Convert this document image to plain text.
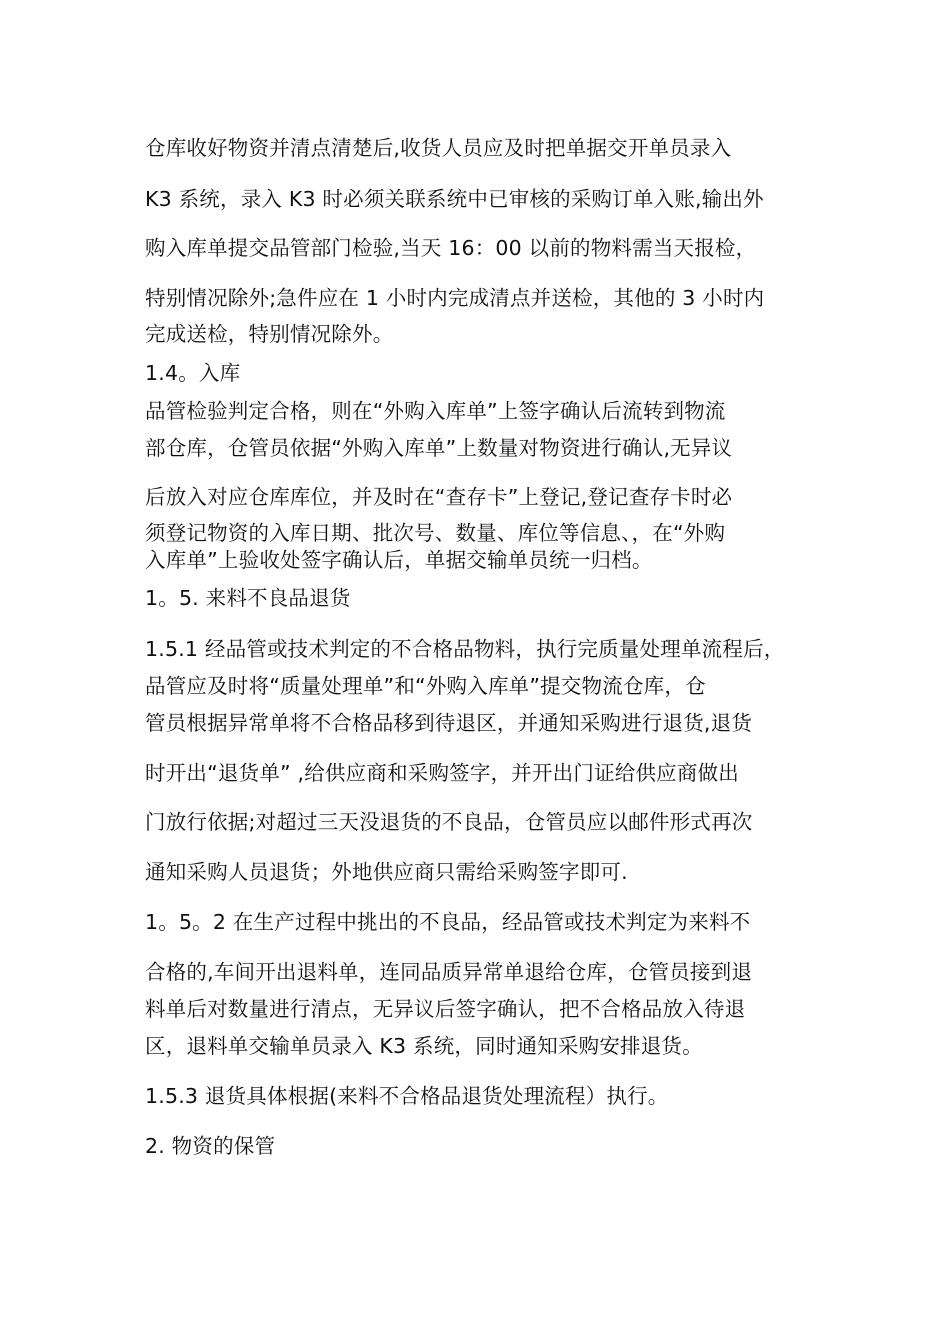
仓库收好物资并清点清楚后,收货人员应及时把单据交开单员录入
K3 系统，录入 K3 时必须关联系统中已审核的采购订单入账,输出外
购入库单提交品管部门检验,当天 16：00 以前的物料需当天报检，
特别情况除外;急件应在 1 小时内完成清点并送检，其他的 3 小时内
完成送检，特别情况除外。
1.4。入库
品管检验判定合格，则在“外购入库单”上签字确认后流转到物流
部仓库，仓管员依据“外购入库单”上数量对物资进行确认,无异议
后放入对应仓库库位，并及时在“查存卡”上登记,登记查存卡时必
须登记物资的入库日期、批次号、数量、库位等信息、，在“外购
入库单”上验收处签字确认后，单据交输单员统一归档。
1。5. 来料不良品退货
1.5.1 经品管或技术判定的不合格品物料，执行完质量处理单流程后，
品管应及时将“质量处理单”和“外购入库单”提交物流仓库，仓
管员根据异常单将不合格品移到待退区，并通知采购进行退货,退货
时开出“退货单” ,给供应商和采购签字，并开出门证给供应商做出
门放行依据;对超过三天没退货的不良品，仓管员应以邮件形式再次
通知采购人员退货；外地供应商只需给采购签字即可.
1。5。2 在生产过程中挑出的不良品，经品管或技术判定为来料不
合格的,车间开出退料单，连同品质异常单退给仓库，仓管员接到退
料单后对数量进行清点，无异议后签字确认，把不合格品放入待退
区，退料单交输单员录入 K3 系统，同时通知采购安排退货。
1.5.3 退货具体根据(来料不合格品退货处理流程）执行。
2. 物资的保管
